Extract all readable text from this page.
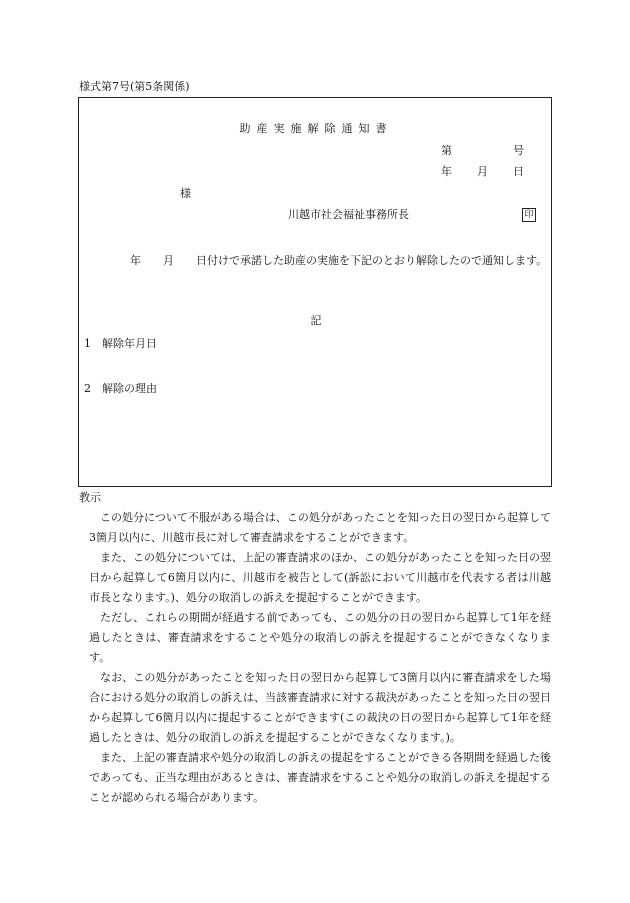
様式第7号(第5条関係)
助産実施解除通知書
第	号
年 月 日
様
川越市社会福祉事務所長	印
　　　　年　　月　　日付けで承諾した助産の実施を下記のとおり解除したので通知します。
記
1　 解除年月日
2　 解除の理由
教示

この処分について不服がある場合は、この処分があったことを知った日の翌日から起算して3箇月以内に、川越市長に対して審査請求をすることができます。

また、この処分については、上記の審査請求のほか、この処分があったことを知った日の翌日から起算して6箇月以内に、川越市を被告として(訴訟において川越市を代表する者は川越市長となります。)、処分の取消しの訴えを提起することができます。

ただし、これらの期間が経過する前であっても、この処分の日の翌日から起算して1年を経過したときは、審査請求をすることや処分の取消しの訴えを提起することができなくなります。

なお、この処分があったことを知った日の翌日から起算して3箇月以内に審査請求をした場合における処分の取消しの訴えは、当該審査請求に対する裁決があったことを知った日の翌日から起算して6箇月以内に提起することができます(この裁決の日の翌日から起算して1年を経過したときは、処分の取消しの訴えを提起することができなくなります。)。

また、上記の審査請求や処分の取消しの訴えの提起をすることができる各期間を経過した後であっても、正当な理由があるときは、審査請求をすることや処分の取消しの訴えを提起することが認められる場合があります。
